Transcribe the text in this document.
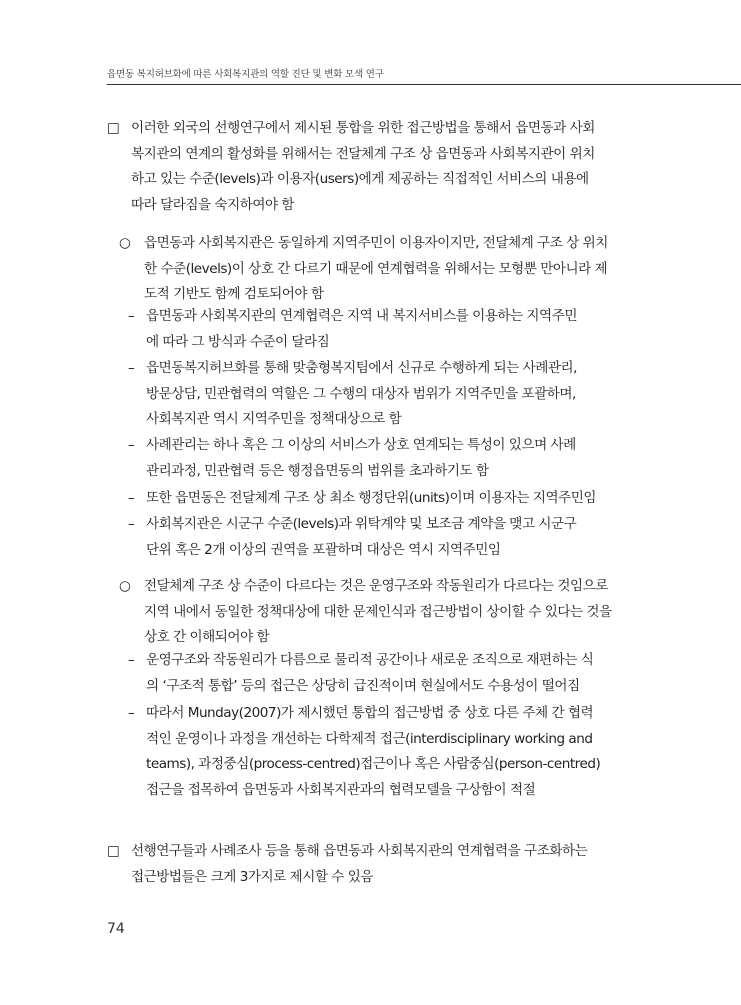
읍면동 복지허브화에 따른 사회복지관의 역할 진단 및 변화 모색 연구
□ 이러한 외국의 선행연구에서 제시된 통합을 위한 접근방법을 통해서 읍면동과 사회
복지관의 연계의 활성화를 위해서는 전달체계 구조 상 읍면동과 사회복지관이 위치
하고 있는 수준(levels)과 이용자(users)에게 제공하는 직접적인 서비스의 내용에
따라 달라짐을 숙지하여야 함
○ 읍면동과 사회복지관은 동일하게 지역주민이 이용자이지만, 전달체계 구조 상 위치
한 수준(levels)이 상호 간 다르기 때문에 연계협력을 위해서는 모형뿐 만아니라 제
도적 기반도 함께 검토되어야 함
– 읍면동과 사회복지관의 연계협력은 지역 내 복지서비스를 이용하는 지역주민
에 따라 그 방식과 수준이 달라짐
– 읍면동복지허브화를 통해 맞춤형복지팀에서 신규로 수행하게 되는 사례관리,
방문상담, 민관협력의 역할은 그 수행의 대상자 범위가 지역주민을 포괄하며,
사회복지관 역시 지역주민을 정책대상으로 함
– 사례관리는 하나 혹은 그 이상의 서비스가 상호 연계되는 특성이 있으며 사례
관리과정, 민관협력 등은 행정읍면동의 범위를 초과하기도 함
– 또한 읍면동은 전달체계 구조 상 최소 행정단위(units)이며 이용자는 지역주민임
– 사회복지관은 시군구 수준(levels)과 위탁계약 및 보조금 계약을 맺고 시군구
단위 혹은 2개 이상의 권역을 포괄하며 대상은 역시 지역주민임
○ 전달체계 구조 상 수준이 다르다는 것은 운영구조와 작동원리가 다르다는 것임으로
지역 내에서 동일한 정책대상에 대한 문제인식과 접근방법이 상이할 수 있다는 것을
상호 간 이해되어야 함
– 운영구조와 작동원리가 다름으로 물리적 공간이나 새로운 조직으로 재편하는 식
의 ‘구조적 통합’ 등의 접근은 상당히 급진적이며 현실에서도 수용성이 떨어짐
– 따라서 Munday(2007)가 제시했던 통합의 접근방법 중 상호 다른 주체 간 협력
적인 운영이나 과정을 개선하는 다학제적 접근(interdisciplinary working and
teams), 과정중심(process-centred)접근이나 혹은 사람중심(person-centred)
접근을 접목하여 읍면동과 사회복지관과의 협력모델을 구상함이 적절
□ 선행연구들과 사례조사 등을 통해 읍면동과 사회복지관의 연계협력을 구조화하는
접근방법들은 크게 3가지로 제시할 수 있음
74
